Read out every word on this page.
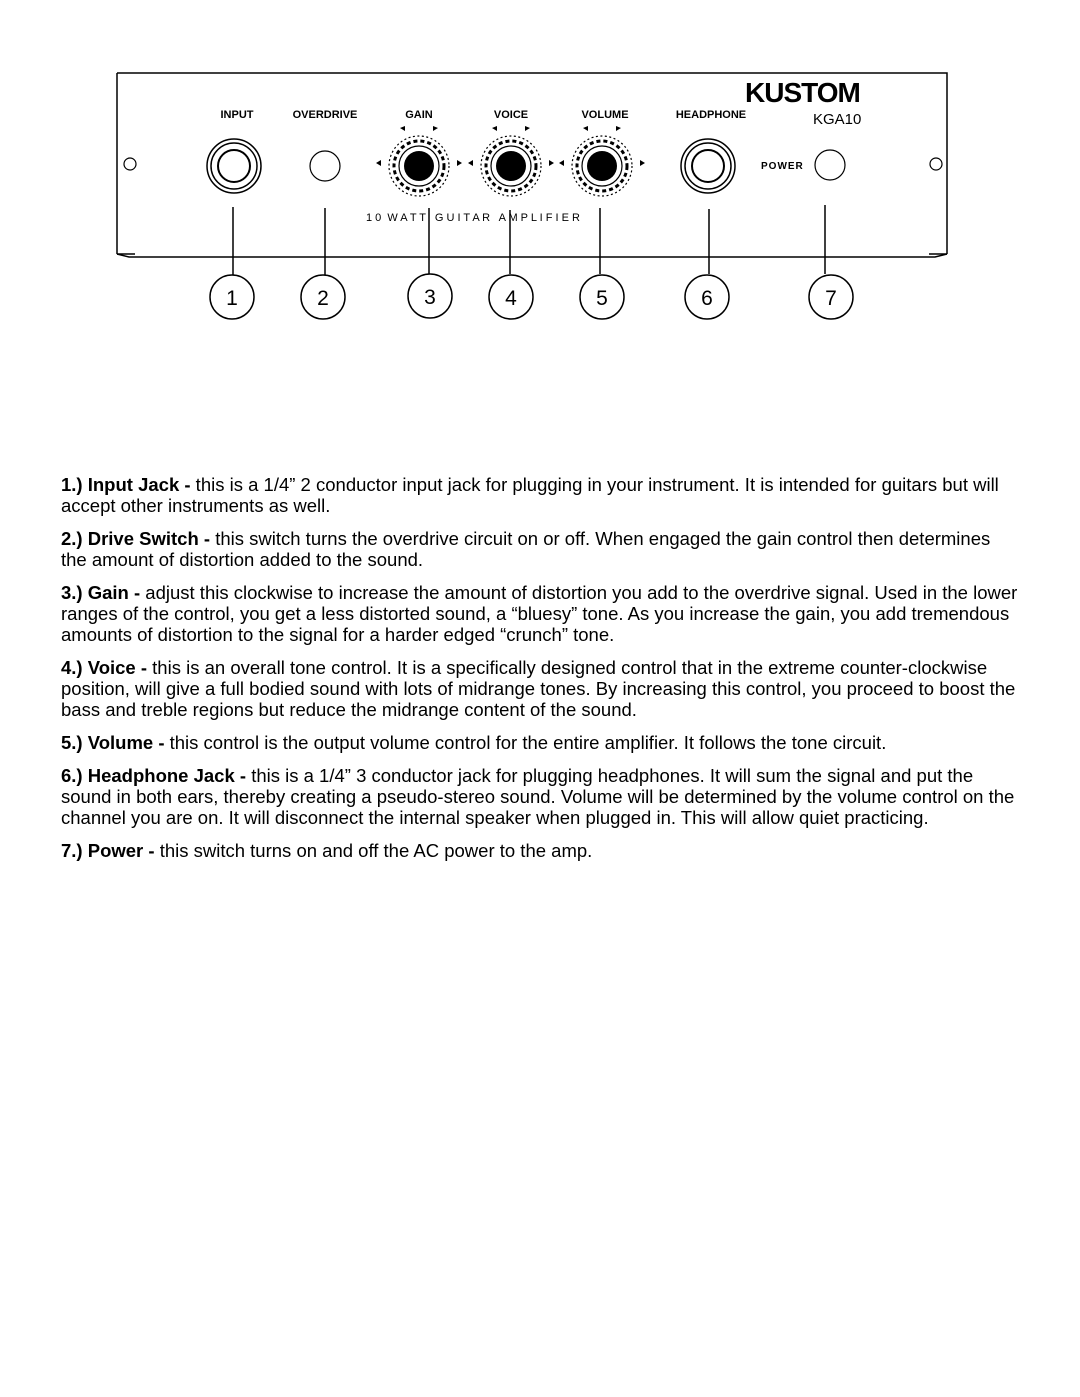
KUSTOM
KGA10
INPUT	OVERDRIVE	GAIN	VOICE	VOLUME	HEADPHONE
POWER
1 0  W A T T   G U I T A R   A M P L I F I E R
1	2	3	4	5	6	7

1.) Input Jack - this is a 1/4” 2 conductor input jack for plugging in your instrument. It is intended for guitars but will accept other instruments as well.

2.) Drive Switch - this switch turns the overdrive circuit on or off. When engaged the gain control then determines the amount of distortion added to the sound.

3.) Gain - adjust this clockwise to increase the amount of distortion you add to the overdrive signal. Used in the lower ranges of the control, you get a less distorted sound, a “bluesy” tone. As you increase the gain, you add tremendous amounts of distortion to the signal for a harder edged “crunch” tone.

4.) Voice - this is an overall tone control. It is a specifically designed control that in the extreme counter-clockwise position, will give a full bodied sound with lots of midrange tones. By increasing this control, you proceed to boost the bass and treble regions but reduce the midrange content of the sound.

5.) Volume - this control is the output volume control for the entire amplifier. It follows the tone circuit.

6.) Headphone Jack - this is a 1/4” 3 conductor jack for plugging headphones. It will sum the signal and put the sound in both ears, thereby creating a pseudo-stereo sound. Volume will be determined by the volume control on the channel you are on. It will disconnect the internal speaker when plugged in. This will allow quiet practicing.

7.) Power - this switch turns on and off the AC power to the amp.
